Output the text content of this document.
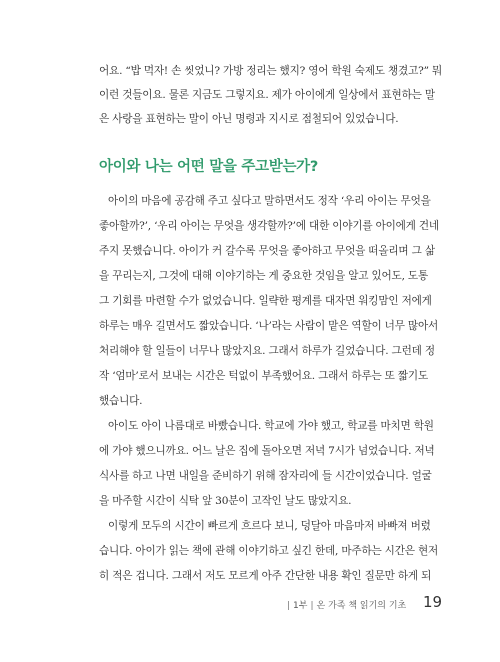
어요. “밥 먹자! 손 씻었니? 가방 정리는 했지? 영어 학원 숙제도 챙겼고?” 뭐
이런 것들이요. 물론 지금도 그렇지요. 제가 아이에게 일상에서 표현하는 말
은 사랑을 표현하는 말이 아닌 명령과 지시로 점철되어 있었습니다.
아이와 나는 어떤 말을 주고받는가?
아이의 마음에 공감해 주고 싶다고 말하면서도 정작 ‘우리 아이는 무엇을
좋아할까?’, ‘우리 아이는 무엇을 생각할까?’에 대한 이야기를 아이에게 건네
주지 못했습니다. 아이가 커 갈수록 무엇을 좋아하고 무엇을 떠올리며 그 삶
을 꾸리는지, 그것에 대해 이야기하는 게 중요한 것임을 알고 있어도, 도통
그 기회를 마련할 수가 없었습니다. 일략한 평계를 대자면 워킹맘인 저에게
하루는 매우 길면서도 짧았습니다. ‘나’라는 사람이 맡은 역할이 너무 많아서
처리해야 할 일들이 너무나 많았지요. 그래서 하루가 길었습니다. 그런데 정
작 ‘엄마’로서 보내는 시간은 턱없이 부족했어요. 그래서 하루는 또 짧기도
했습니다.
아이도 아이 나름대로 바빴습니다. 학교에 가야 했고, 학교를 마치면 학원
에 가야 했으니까요. 어느 날은 집에 돌아오면 저녁 7시가 넘었습니다. 저녁
식사를 하고 나면 내일을 준비하기 위해 잠자리에 들 시간이었습니다. 얼굴
을 마주할 시간이 식탁 앞 30분이 고작인 날도 많았지요.
이렇게 모두의 시간이 빠르게 흐르다 보니, 덩달아 마음마저 바빠져 버렸
습니다. 아이가 읽는 책에 관해 이야기하고 싶긴 한데, 마주하는 시간은 현저
히 적은 겁니다. 그래서 저도 모르게 아주 간단한 내용 확인 질문만 하게 되
| 1부 | 온 가족 책 읽기의 기초 19
